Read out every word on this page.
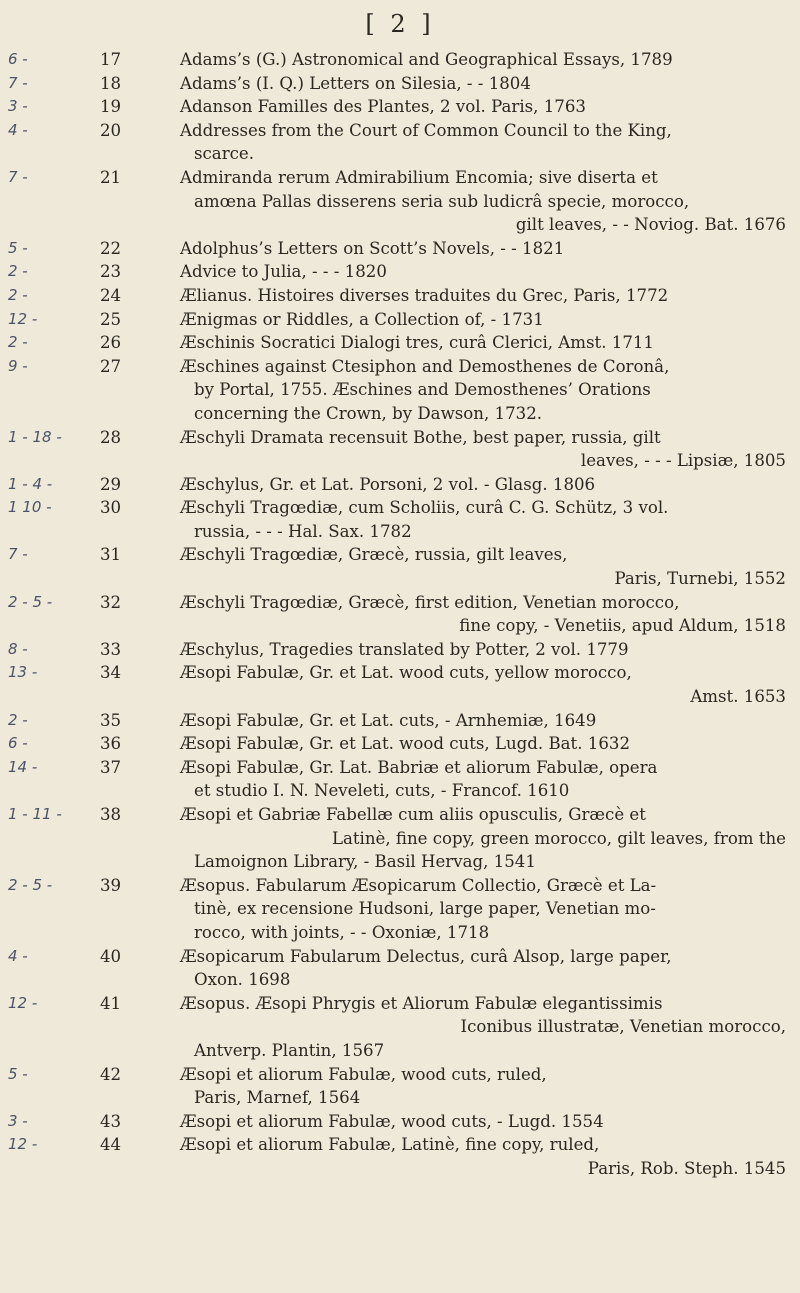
[ 2 ]
6 -	17	Adams’s (G.) Astronomical and Geographical Essays, 1789
7 -	18	Adams’s (I. Q.) Letters on Silesia, - - 1804
3 -	19	Adanson Familles des Plantes, 2 vol. Paris, 1763
4 -	20	Addresses from the Court of Common Council to the King,
scarce.
7 -	21	Admiranda rerum Admirabilium Encomia; sive diserta et
amœna Pallas disserens seria sub ludicrâ specie, morocco,
gilt leaves, - - Noviog. Bat. 1676
5 -	22	Adolphus’s Letters on Scott’s Novels, - - 1821
2 -	23	Advice to Julia, - - - 1820
2 -	24	Ælianus. Histoires diverses traduites du Grec, Paris, 1772
12 -	25	Ænigmas or Riddles, a Collection of, - 1731
2 -	26	Æschinis Socratici Dialogi tres, curâ Clerici, Amst. 1711
9 -	27	Æschines against Ctesiphon and Demosthenes de Coronâ,
by Portal, 1755. Æschines and Demosthenes’ Orations
concerning the Crown, by Dawson, 1732.
1 - 18 -	28	Æschyli Dramata recensuit Bothe, best paper, russia, gilt
leaves, - - - Lipsiæ, 1805
1 - 4 -	29	Æschylus, Gr. et Lat. Porsoni, 2 vol. - Glasg. 1806
1 10 -	30	Æschyli Tragœdiæ, cum Scholiis, curâ C. G. Schütz, 3 vol.
russia, - - - Hal. Sax. 1782
7 -	31	Æschyli Tragœdiæ, Græcè, russia, gilt leaves,
Paris, Turnebi, 1552
2 - 5 -	32	Æschyli Tragœdiæ, Græcè, first edition, Venetian morocco,
fine copy, - Venetiis, apud Aldum, 1518
8 -	33	Æschylus, Tragedies translated by Potter, 2 vol. 1779
13 -	34	Æsopi Fabulæ, Gr. et Lat. wood cuts, yellow morocco,
Amst. 1653
2 -	35	Æsopi Fabulæ, Gr. et Lat. cuts, - Arnhemiæ, 1649
6 -	36	Æsopi Fabulæ, Gr. et Lat. wood cuts, Lugd. Bat. 1632
14 -	37	Æsopi Fabulæ, Gr. Lat. Babriæ et aliorum Fabulæ, opera
et studio I. N. Neveleti, cuts, - Francof. 1610
1 - 11 -	38	Æsopi et Gabriæ Fabellæ cum aliis opusculis, Græcè et
Latinè, fine copy, green morocco, gilt leaves, from the
Lamoignon Library, - Basil Hervag, 1541
2 - 5 -	39	Æsopus. Fabularum Æsopicarum Collectio, Græcè et La-
tinè, ex recensione Hudsoni, large paper, Venetian mo-
rocco, with joints, - - Oxoniæ, 1718
4 -	40	Æsopicarum Fabularum Delectus, curâ Alsop, large paper,
Oxon. 1698
12 -	41	Æsopus. Æsopi Phrygis et Aliorum Fabulæ elegantissimis
Iconibus illustratæ, Venetian morocco,
Antverp. Plantin, 1567
5 -	42	Æsopi et aliorum Fabulæ, wood cuts, ruled,
Paris, Marnef, 1564
3 -	43	Æsopi et aliorum Fabulæ, wood cuts, - Lugd. 1554
12 -	44	Æsopi et aliorum Fabulæ, Latinè, fine copy, ruled,
Paris, Rob. Steph. 1545
